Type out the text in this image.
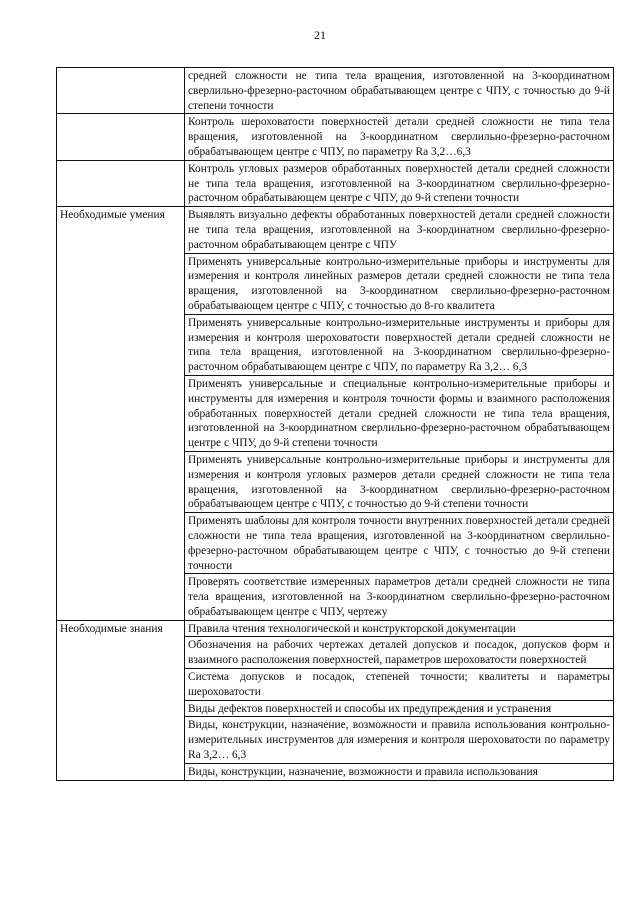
21
	средней сложности не типа тела вращения, изготовленной на 3-координатном сверлильно-фрезерно-расточном обрабатывающем центре с ЧПУ, с точностью до 9-й степени точности
	Контроль шероховатости поверхностей детали средней сложности не типа тела вращения, изготовленной на 3-координатном сверлильно-фрезерно-расточном обрабатывающем центре с ЧПУ, по параметру Ra 3,2…6,3
	Контроль угловых размеров обработанных поверхностей детали средней сложности не типа тела вращения, изготовленной на 3-координатном сверлильно-фрезерно-расточном обрабатывающем центре с ЧПУ, до 9-й степени точности
Необходимые умения	Выявлять визуально дефекты обработанных поверхностей детали средней сложности не типа тела вращения, изготовленной на 3-координатном сверлильно-фрезерно-расточном обрабатывающем центре с ЧПУ
	Применять универсальные контрольно-измерительные приборы и инструменты для измерения и контроля линейных размеров детали средней сложности не типа тела вращения, изготовленной на 3-координатном сверлильно-фрезерно-расточном обрабатывающем центре с ЧПУ, с точностью до 8-го квалитета
	Применять универсальные контрольно-измерительные инструменты и приборы для измерения и контроля шероховатости поверхностей детали средней сложности не типа тела вращения, изготовленной на 3-координатном сверлильно-фрезерно-расточном обрабатывающем центре с ЧПУ, по параметру Ra 3,2… 6,3
	Применять универсальные и специальные контрольно-измерительные приборы и инструменты для измерения и контроля точности формы и взаимного расположения обработанных поверхностей детали средней сложности не типа тела вращения, изготовленной на 3-координатном сверлильно-фрезерно-расточном обрабатывающем центре с ЧПУ, до 9-й степени точности
	Применять универсальные контрольно-измерительные приборы и инструменты для измерения и контроля угловых размеров детали средней сложности не типа тела вращения, изготовленной на 3-координатном сверлильно-фрезерно-расточном обрабатывающем центре с ЧПУ, с точностью до 9-й степени точности
	Применять шаблоны для контроля точности внутренних поверхностей детали средней сложности не типа тела вращения, изготовленной на 3-координатном сверлильно-фрезерно-расточном обрабатывающем центре с ЧПУ, с точностью до 9-й степени точности
	Проверять соответствие измеренных параметров детали средней сложности не типа тела вращения, изготовленной на 3-координатном сверлильно-фрезерно-расточном обрабатывающем центре с ЧПУ, чертежу
Необходимые знания	Правила чтения технологической и конструкторской документации
	Обозначения на рабочих чертежах деталей допусков и посадок, допусков форм и взаимного расположения поверхностей, параметров шероховатости поверхностей
	Система допусков и посадок, степеней точности; квалитеты и параметры шероховатости
	Виды дефектов поверхностей и способы их предупреждения и устранения
	Виды, конструкции, назначение, возможности и правила использования контрольно-измерительных инструментов для измерения и контроля шероховатости по параметру Ra 3,2… 6,3
	Виды, конструкции, назначение, возможности и правила использования
